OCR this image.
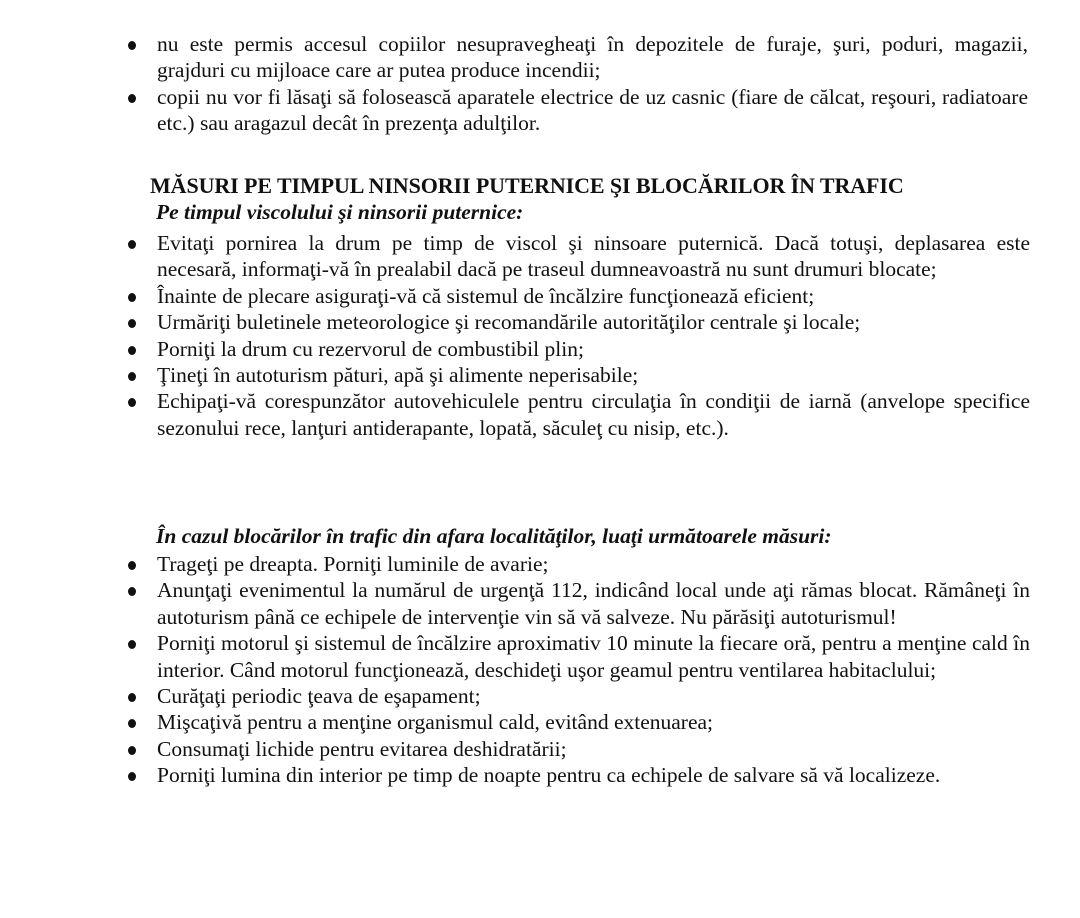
nu este permis accesul copiilor nesupravegheaţi în depozitele de furaje, şuri, poduri, magazii, grajduri cu mijloace care ar putea produce incendii;
copii nu vor fi lăsaţi să folosească aparatele electrice de uz casnic (fiare de călcat, reşouri, radiatoare etc.) sau aragazul decât în prezenţa adulţilor.
MĂSURI PE TIMPUL NINSORII PUTERNICE ŞI BLOCĂRILOR ÎN TRAFIC
Pe timpul viscolului şi ninsorii puternice:
Evitaţi pornirea la drum pe timp de viscol şi ninsoare puternică. Dacă totuşi, deplasarea este necesară, informaţi-vă în prealabil dacă pe traseul dumneavoastră nu sunt drumuri blocate;
Înainte de plecare asiguraţi-vă că sistemul de încălzire funcţionează eficient;
Urmăriţi buletinele meteorologice şi recomandările autorităţilor centrale şi locale;
Porniţi la drum cu rezervorul de combustibil plin;
Ţineţi în autoturism pături, apă şi alimente neperisabile;
Echipaţi-vă corespunzător autovehiculele pentru circulaţia în condiţii de iarnă (anvelope specifice sezonului rece, lanţuri antiderapante, lopată, săculeţ cu nisip, etc.).
În cazul blocărilor în trafic din afara localităţilor, luaţi următoarele măsuri:
Trageţi pe dreapta. Porniţi luminile de avarie;
Anunţaţi evenimentul la numărul de urgenţă 112, indicând local unde aţi rămas blocat. Rămâneţi în autoturism până ce echipele de intervenţie vin să vă salveze. Nu părăsiţi autoturismul!
Porniţi motorul şi sistemul de încălzire aproximativ 10 minute la fiecare oră, pentru a menţine cald în interior. Când motorul funcţionează, deschideţi uşor geamul pentru ventilarea habitaclului;
Curăţaţi periodic ţeava de eşapament;
Mişcaţivă pentru a menţine organismul cald, evitând extenuarea;
Consumaţi lichide pentru evitarea deshidratării;
Porniţi lumina din interior pe timp de noapte pentru ca echipele de salvare să vă localizeze.
